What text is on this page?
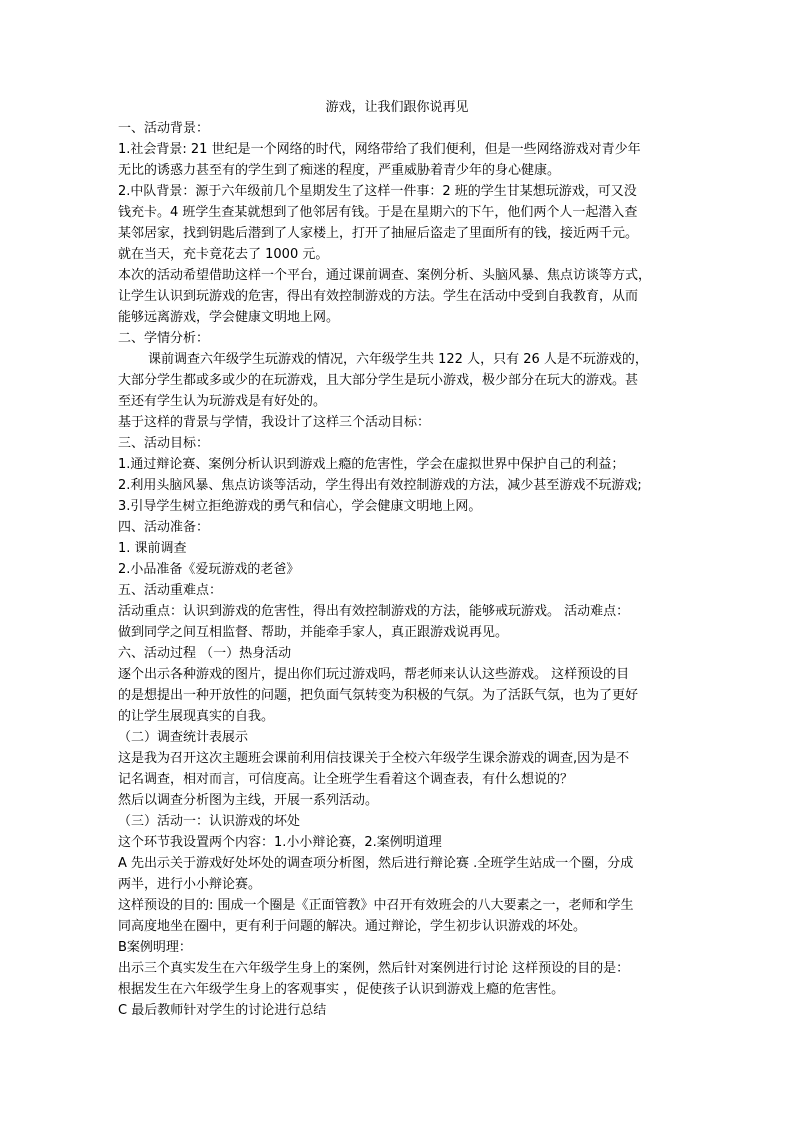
游戏，让我们跟你说再见
一、活动背景：
1.社会背景: 21 世纪是一个网络的时代，网络带给了我们便利，但是一些网络游戏对青少年
无比的诱惑力甚至有的学生到了痴迷的程度，严重威胁着青少年的身心健康。
2.中队背景：源于六年级前几个星期发生了这样一件事：2 班的学生甘某想玩游戏，可又没
钱充卡。4 班学生查某就想到了他邻居有钱。于是在星期六的下午，他们两个人一起潜入查
某邻居家，找到钥匙后潜到了人家楼上，打开了抽屉后盗走了里面所有的钱，接近两千元。
就在当天，充卡竟花去了 1000 元。
本次的活动希望借助这样一个平台，通过课前调查、案例分析、头脑风暴、焦点访谈等方式，
让学生认识到玩游戏的危害，得出有效控制游戏的方法。学生在活动中受到自我教育，从而
能够远离游戏，学会健康文明地上网。
二、学情分析：
课前调查六年级学生玩游戏的情况，六年级学生共 122 人，只有 26 人是不玩游戏的，
大部分学生都或多或少的在玩游戏，且大部分学生是玩小游戏，极少部分在玩大的游戏。甚
至还有学生认为玩游戏是有好处的。
基于这样的背景与学情，我设计了这样三个活动目标：
三、活动目标：
1.通过辩论赛、案例分析认识到游戏上瘾的危害性，学会在虚拟世界中保护自己的利益；
2.利用头脑风暴、焦点访谈等活动，学生得出有效控制游戏的方法，减少甚至游戏不玩游戏;
3.引导学生树立拒绝游戏的勇气和信心，学会健康文明地上网。
四、活动准备：
1. 课前调查
2.小品准备《爱玩游戏的老爸》
五、活动重难点：
活动重点：认识到游戏的危害性，得出有效控制游戏的方法，能够戒玩游戏。 活动难点：
做到同学之间互相监督、帮助，并能牵手家人，真正跟游戏说再见。
六、活动过程 （一）热身活动
逐个出示各种游戏的图片，提出你们玩过游戏吗，帮老师来认认这些游戏。 这样预设的目
的是想提出一种开放性的问题，把负面气氛转变为积极的气氛。为了活跃气氛，也为了更好
的让学生展现真实的自我。
（二）调查统计表展示
这是我为召开这次主题班会课前利用信技课关于全校六年级学生课余游戏的调查,因为是不
记名调查，相对而言，可信度高。让全班学生看着这个调查表，有什么想说的？
然后以调查分析图为主线，开展一系列活动。
（三）活动一：认识游戏的坏处
这个环节我设置两个内容：1.小小辩论赛，2.案例明道理
A 先出示关于游戏好处坏处的调查项分析图，然后进行辩论赛 .全班学生站成一个圈，分成
两半，进行小小辩论赛。
这样预设的目的: 围成一个圈是《正面管教》中召开有效班会的八大要素之一，老师和学生
同高度地坐在圈中，更有利于问题的解决。通过辩论，学生初步认识游戏的坏处。
B案例明理：
出示三个真实发生在六年级学生身上的案例，然后针对案例进行讨论 这样预设的目的是：
根据发生在六年级学生身上的客观事实 ，促使孩子认识到游戏上瘾的危害性。
C 最后教师针对学生的讨论进行总结
